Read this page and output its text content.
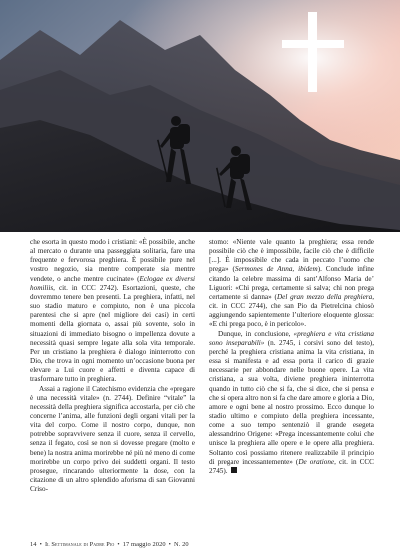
che esorta in questo modo i cristiani: «È possibile, anche al mercato o durante una passeggiata solitaria, fare una frequente e fervorosa preghiera. È possibile pure nel vostro negozio, sia mentre comperate sia mentre vendete, o anche mentre cucinate» (Eclogae ex diversi homiliis, cit. in CCC 2742). Esortazioni, queste, che dovremmo tenere ben presenti. La preghiera, infatti, nel suo stadio maturo e compiuto, non è una piccola parentesi che si apre (nel migliore dei casi) in certi momenti della giornata o, assai più sovente, solo in situazioni di immediato bisogno o impellenza dovute a necessità quasi sempre legate alla sola vita temporale. Per un cristiano la preghiera è dialogo ininterrotto con Dio, che trova in ogni momento un’occasione buona per elevare a Lui cuore e affetti e diventa capace di trasformare tutto in preghiera.

Assai a ragione il Catechismo evidenzia che «pregare è una necessità vitale» (n. 2744). Definire “vitale” la necessità della preghiera significa accostarla, per ciò che concerne l’anima, alle funzioni degli organi vitali per la vita del corpo. Come il nostro corpo, dunque, non potrebbe sopravvivere senza il cuore, senza il cervello, senza il fegato, così se non si dovesse pregare (molto e bene) la nostra anima morirebbe né più né meno di come morirebbe un corpo privo dei suddetti organi. Il testo prosegue, rincarando ulteriormente la dose, con la citazione di un altro splendido aforisma di san Giovanni Criso-

stomo: «Niente vale quanto la preghiera; essa rende possibile ciò che è impossibile, facile ciò che è difficile [...]. È impossibile che cada in peccato l’uomo che prega» (Sermones de Anna, ibidem). Conclude infine citando la celebre massima di sant’Alfonso Maria de’ Liguori: «Chi prega, certamente si salva; chi non prega certamente si danna» (Del gran mezzo della preghiera, cit. in CCC 2744), che san Pio da Pietrelcina chiosò aggiungendo sapientemente l’ulteriore eloquente glossa: «E chi prega poco, è in pericolo».

Dunque, in conclusione, «preghiera e vita cristiana sono inseparabili» (n. 2745, i corsivi sono del testo), perché la preghiera cristiana anima la vita cristiana, in essa si manifesta e ad essa porta il carico di grazie necessarie per abbondare nelle buone opere. La vita cristiana, a sua volta, diviene preghiera ininterrotta quando in tutto ciò che si fa, che si dice, che si pensa e che si opera altro non si fa che dare amore e gloria a Dio, amore e ogni bene al nostro prossimo. Ecco dunque lo stadio ultimo e compiuto della preghiera incessante, come a suo tempo sentenziò il grande esegeta alessandrino Origene: «Prega incessantemente colui che unisce la preghiera alle opere e le opere alla preghiera. Soltanto così possiamo ritenere realizzabile il principio di pregare incessantemente» (De oratione, cit. in CCC 2745).

14 • Il Settimanale di Padre Pio • 17 maggio 2020 • N. 20
